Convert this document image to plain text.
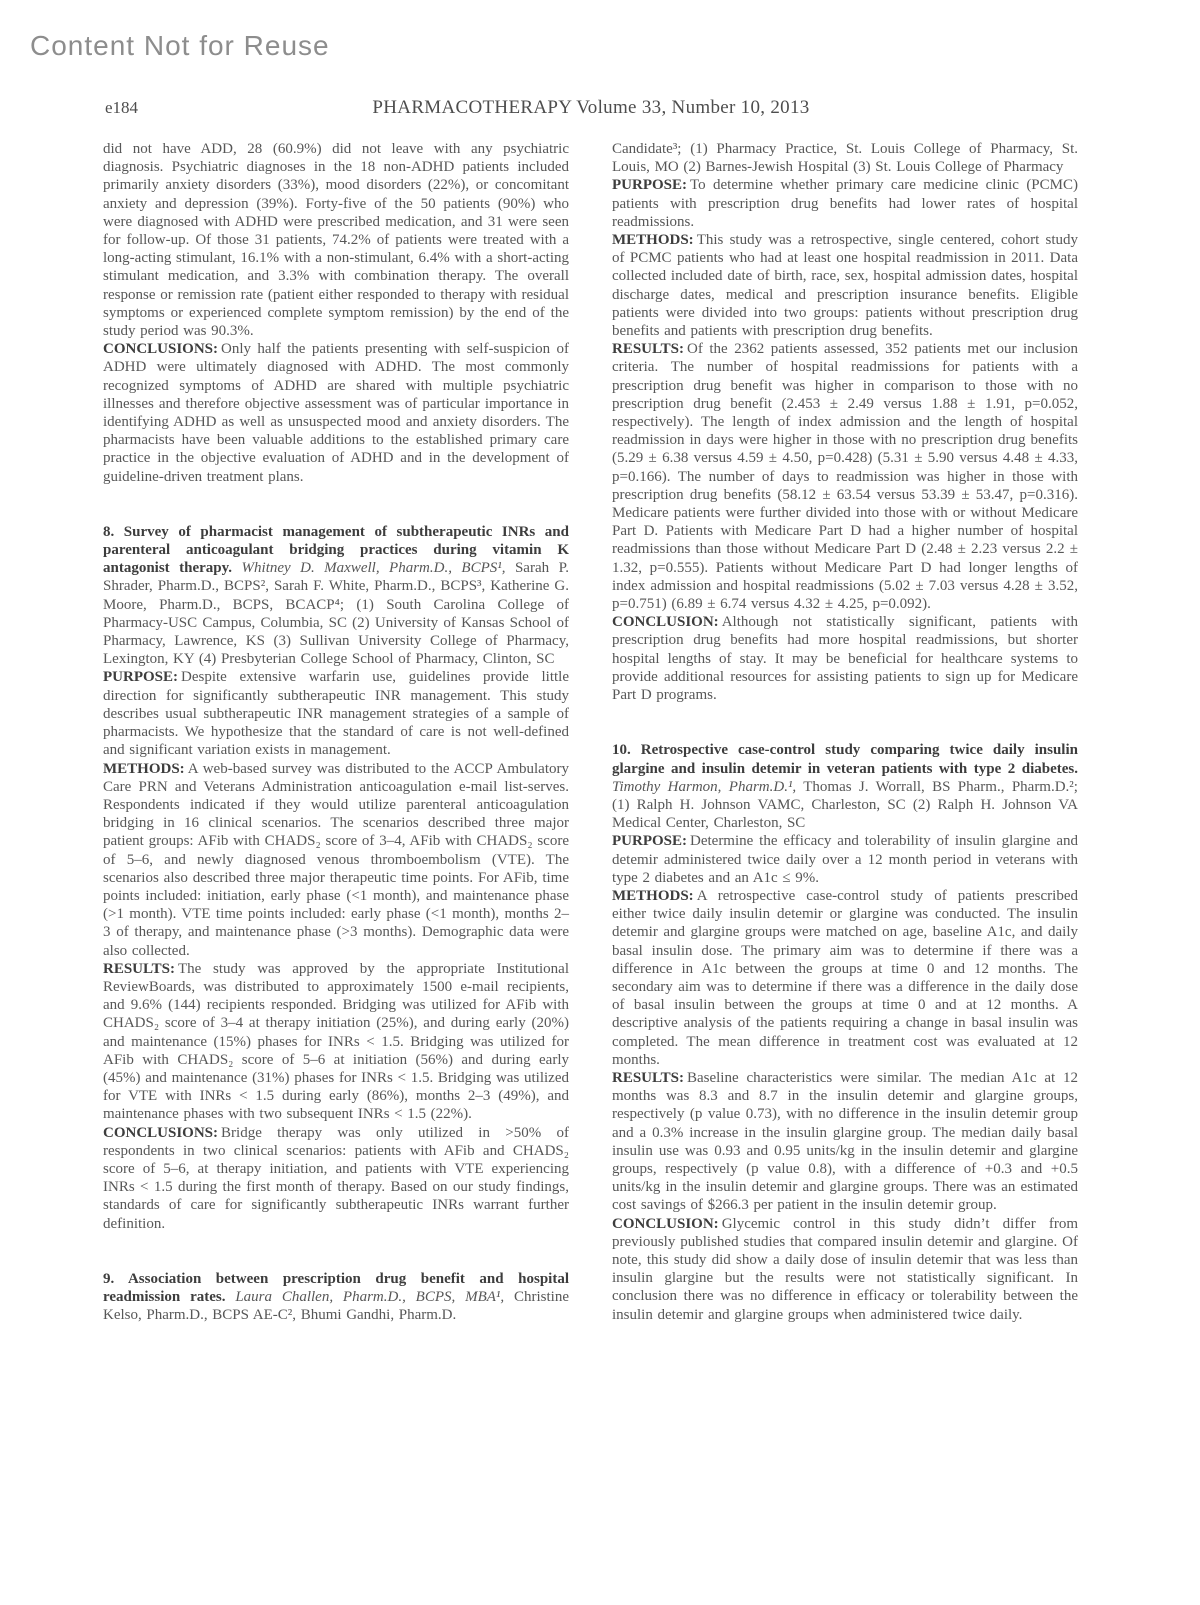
Content Not for Reuse
e184	PHARMACOTHERAPY Volume 33, Number 10, 2013

did not have ADD, 28 (60.9%) did not leave with any psychiatric diagnosis. Psychiatric diagnoses in the 18 non-ADHD patients included primarily anxiety disorders (33%), mood disorders (22%), or concomitant anxiety and depression (39%). Forty-five of the 50 patients (90%) who were diagnosed with ADHD were prescribed medication, and 31 were seen for follow-up. Of those 31 patients, 74.2% of patients were treated with a long-acting stimulant, 16.1% with a non-stimulant, 6.4% with a short-acting stimulant medication, and 3.3% with combination therapy. The overall response or remission rate (patient either responded to therapy with residual symptoms or experienced complete symptom remission) by the end of the study period was 90.3%.

CONCLUSIONS: Only half the patients presenting with self-suspicion of ADHD were ultimately diagnosed with ADHD. The most commonly recognized symptoms of ADHD are shared with multiple psychiatric illnesses and therefore objective assessment was of particular importance in identifying ADHD as well as unsuspected mood and anxiety disorders. The pharmacists have been valuable additions to the established primary care practice in the objective evaluation of ADHD and in the development of guideline-driven treatment plans.

8. Survey of pharmacist management of subtherapeutic INRs and parenteral anticoagulant bridging practices during vitamin K antagonist therapy. Whitney D. Maxwell, Pharm.D., BCPS¹, Sarah P. Shrader, Pharm.D., BCPS², Sarah F. White, Pharm.D., BCPS³, Katherine G. Moore, Pharm.D., BCPS, BCACP⁴; (1) South Carolina College of Pharmacy-USC Campus, Columbia, SC (2) University of Kansas School of Pharmacy, Lawrence, KS (3) Sullivan University College of Pharmacy, Lexington, KY (4) Presbyterian College School of Pharmacy, Clinton, SC

PURPOSE: Despite extensive warfarin use, guidelines provide little direction for significantly subtherapeutic INR management. This study describes usual subtherapeutic INR management strategies of a sample of pharmacists. We hypothesize that the standard of care is not well-defined and significant variation exists in management.

METHODS: A web-based survey was distributed to the ACCP Ambulatory Care PRN and Veterans Administration anticoagulation e-mail list-serves. Respondents indicated if they would utilize parenteral anticoagulation bridging in 16 clinical scenarios. The scenarios described three major patient groups: AFib with CHADS₂ score of 3–4, AFib with CHADS₂ score of 5–6, and newly diagnosed venous thromboembolism (VTE). The scenarios also described three major therapeutic time points. For AFib, time points included: initiation, early phase (<1 month), and maintenance phase (>1 month). VTE time points included: early phase (<1 month), months 2–3 of therapy, and maintenance phase (>3 months). Demographic data were also collected.

RESULTS: The study was approved by the appropriate Institutional ReviewBoards, was distributed to approximately 1500 e-mail recipients, and 9.6% (144) recipients responded. Bridging was utilized for AFib with CHADS₂ score of 3–4 at therapy initiation (25%), and during early (20%) and maintenance (15%) phases for INRs < 1.5. Bridging was utilized for AFib with CHADS₂ score of 5–6 at initiation (56%) and during early (45%) and maintenance (31%) phases for INRs < 1.5. Bridging was utilized for VTE with INRs < 1.5 during early (86%), months 2–3 (49%), and maintenance phases with two subsequent INRs < 1.5 (22%).

CONCLUSIONS: Bridge therapy was only utilized in >50% of respondents in two clinical scenarios: patients with AFib and CHADS₂ score of 5–6, at therapy initiation, and patients with VTE experiencing INRs < 1.5 during the first month of therapy. Based on our study findings, standards of care for significantly subtherapeutic INRs warrant further definition.

9. Association between prescription drug benefit and hospital readmission rates. Laura Challen, Pharm.D., BCPS, MBA¹, Christine Kelso, Pharm.D., BCPS AE-C², Bhumi Gandhi, Pharm.D.

Candidate³; (1) Pharmacy Practice, St. Louis College of Pharmacy, St. Louis, MO (2) Barnes-Jewish Hospital (3) St. Louis College of Pharmacy

PURPOSE: To determine whether primary care medicine clinic (PCMC) patients with prescription drug benefits had lower rates of hospital readmissions.

METHODS: This study was a retrospective, single centered, cohort study of PCMC patients who had at least one hospital readmission in 2011. Data collected included date of birth, race, sex, hospital admission dates, hospital discharge dates, medical and prescription insurance benefits. Eligible patients were divided into two groups: patients without prescription drug benefits and patients with prescription drug benefits.

RESULTS: Of the 2362 patients assessed, 352 patients met our inclusion criteria. The number of hospital readmissions for patients with a prescription drug benefit was higher in comparison to those with no prescription drug benefit (2.453 ± 2.49 versus 1.88 ± 1.91, p=0.052, respectively). The length of index admission and the length of hospital readmission in days were higher in those with no prescription drug benefits (5.29 ± 6.38 versus 4.59 ± 4.50, p=0.428) (5.31 ± 5.90 versus 4.48 ± 4.33, p=0.166). The number of days to readmission was higher in those with prescription drug benefits (58.12 ± 63.54 versus 53.39 ± 53.47, p=0.316). Medicare patients were further divided into those with or without Medicare Part D. Patients with Medicare Part D had a higher number of hospital readmissions than those without Medicare Part D (2.48 ± 2.23 versus 2.2 ± 1.32, p=0.555). Patients without Medicare Part D had longer lengths of index admission and hospital readmissions (5.02 ± 7.03 versus 4.28 ± 3.52, p=0.751) (6.89 ± 6.74 versus 4.32 ± 4.25, p=0.092).

CONCLUSION: Although not statistically significant, patients with prescription drug benefits had more hospital readmissions, but shorter hospital lengths of stay. It may be beneficial for healthcare systems to provide additional resources for assisting patients to sign up for Medicare Part D programs.

10. Retrospective case-control study comparing twice daily insulin glargine and insulin detemir in veteran patients with type 2 diabetes. Timothy Harmon, Pharm.D.¹, Thomas J. Worrall, BS Pharm., Pharm.D.²; (1) Ralph H. Johnson VAMC, Charleston, SC (2) Ralph H. Johnson VA Medical Center, Charleston, SC

PURPOSE: Determine the efficacy and tolerability of insulin glargine and detemir administered twice daily over a 12 month period in veterans with type 2 diabetes and an A1c ≤ 9%.

METHODS: A retrospective case-control study of patients prescribed either twice daily insulin detemir or glargine was conducted. The insulin detemir and glargine groups were matched on age, baseline A1c, and daily basal insulin dose. The primary aim was to determine if there was a difference in A1c between the groups at time 0 and 12 months. The secondary aim was to determine if there was a difference in the daily dose of basal insulin between the groups at time 0 and at 12 months. A descriptive analysis of the patients requiring a change in basal insulin was completed. The mean difference in treatment cost was evaluated at 12 months.

RESULTS: Baseline characteristics were similar. The median A1c at 12 months was 8.3 and 8.7 in the insulin detemir and glargine groups, respectively (p value 0.73), with no difference in the insulin detemir group and a 0.3% increase in the insulin glargine group. The median daily basal insulin use was 0.93 and 0.95 units/kg in the insulin detemir and glargine groups, respectively (p value 0.8), with a difference of +0.3 and +0.5 units/kg in the insulin detemir and glargine groups. There was an estimated cost savings of $266.3 per patient in the insulin detemir group.

CONCLUSION: Glycemic control in this study didn’t differ from previously published studies that compared insulin detemir and glargine. Of note, this study did show a daily dose of insulin detemir that was less than insulin glargine but the results were not statistically significant. In conclusion there was no difference in efficacy or tolerability between the insulin detemir and glargine groups when administered twice daily.
